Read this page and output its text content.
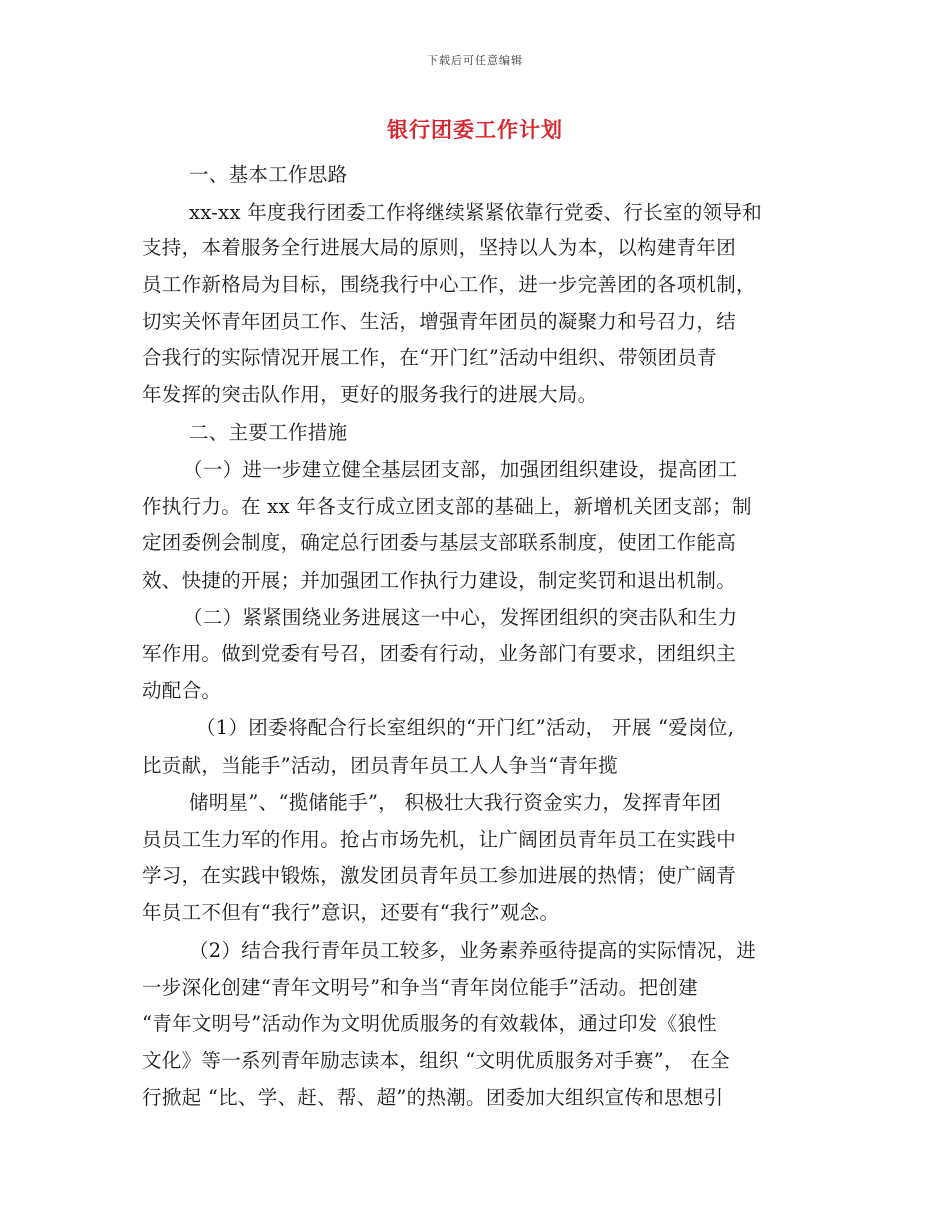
下载后可任意编辑
银行团委工作计划
一、基本工作思路
xx-xx 年度我行团委工作将继续紧紧依靠行党委、行长室的领导和
支持，本着服务全行进展大局的原则，坚持以人为本，以构建青年团
员工作新格局为目标，围绕我行中心工作，进一步完善团的各项机制，
切实关怀青年团员工作、生活，增强青年团员的凝聚力和号召力，结
合我行的实际情况开展工作，在“开门红”活动中组织、带领团员青
年发挥的突击队作用，更好的服务我行的进展大局。
二、主要工作措施
（一）进一步建立健全基层团支部，加强团组织建设，提高团工
作执行力。在 xx 年各支行成立团支部的基础上，新增机关团支部；制
定团委例会制度，确定总行团委与基层支部联系制度，使团工作能高
效、快捷的开展；并加强团工作执行力建设，制定奖罚和退出机制。
（二）紧紧围绕业务进展这一中心，发挥团组织的突击队和生力
军作用。做到党委有号召，团委有行动，业务部门有要求，团组织主
动配合。
（1）团委将配合行长室组织的“开门红”活动， 开展 “爱岗位,
比贡献，当能手”活动，团员青年员工人人争当“青年揽
储明星”、“揽储能手”， 积极壮大我行资金实力，发挥青年团
员员工生力军的作用。抢占市场先机，让广阔团员青年员工在实践中
学习，在实践中锻炼，激发团员青年员工参加进展的热情；使广阔青
年员工不但有“我行”意识，还要有“我行”观念。
（2）结合我行青年员工较多，业务素养亟待提高的实际情况，进
一步深化创建“青年文明号”和争当“青年岗位能手”活动。把创建
“青年文明号”活动作为文明优质服务的有效载体，通过印发《狼性
文化》等一系列青年励志读本，组织 “文明优质服务对手赛”， 在全
行掀起 “比、学、赶、帮、超”的热潮。团委加大组织宣传和思想引
